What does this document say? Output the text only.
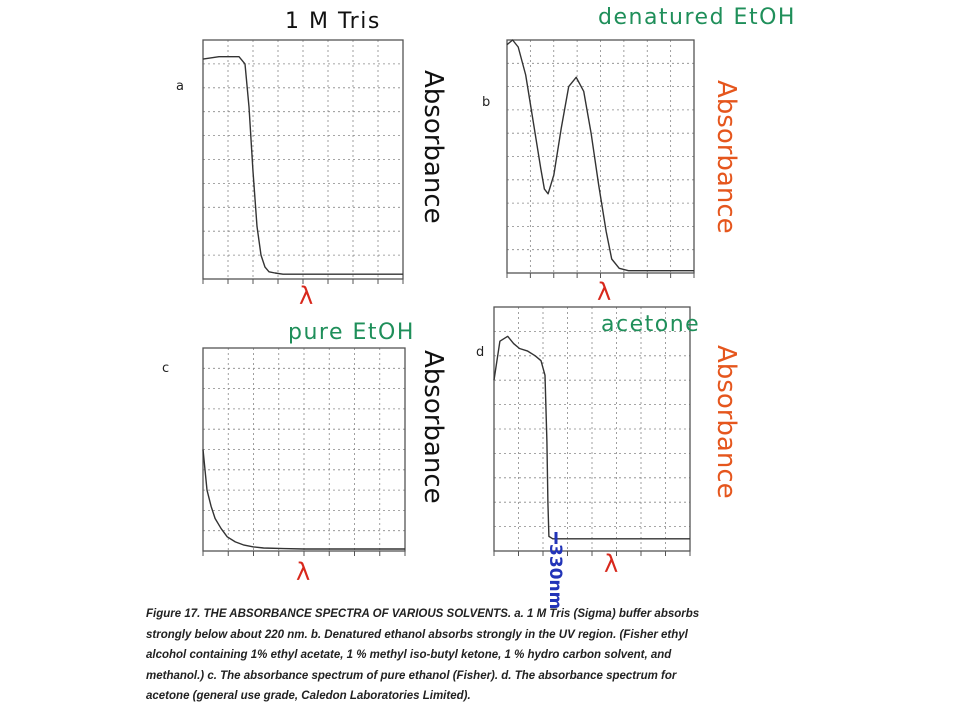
a
1 M Tris
Absorbance
λ
b
denatured EtOH
Absorbance
λ
c
pure EtOH
Absorbance
λ
d
acetone
Absorbance
λ
330nm
Figure 17. THE ABSORBANCE SPECTRA OF VARIOUS SOLVENTS. a. 1 M Tris (Sigma) buffer absorbs
strongly below about 220 nm. b. Denatured ethanol absorbs strongly in the UV region. (Fisher ethyl
alcohol containing 1% ethyl acetate, 1 % methyl iso-butyl ketone, 1 % hydro carbon solvent, and
methanol.) c. The absorbance spectrum of pure ethanol (Fisher). d. The absorbance spectrum for
acetone (general use grade, Caledon Laboratories Limited).
